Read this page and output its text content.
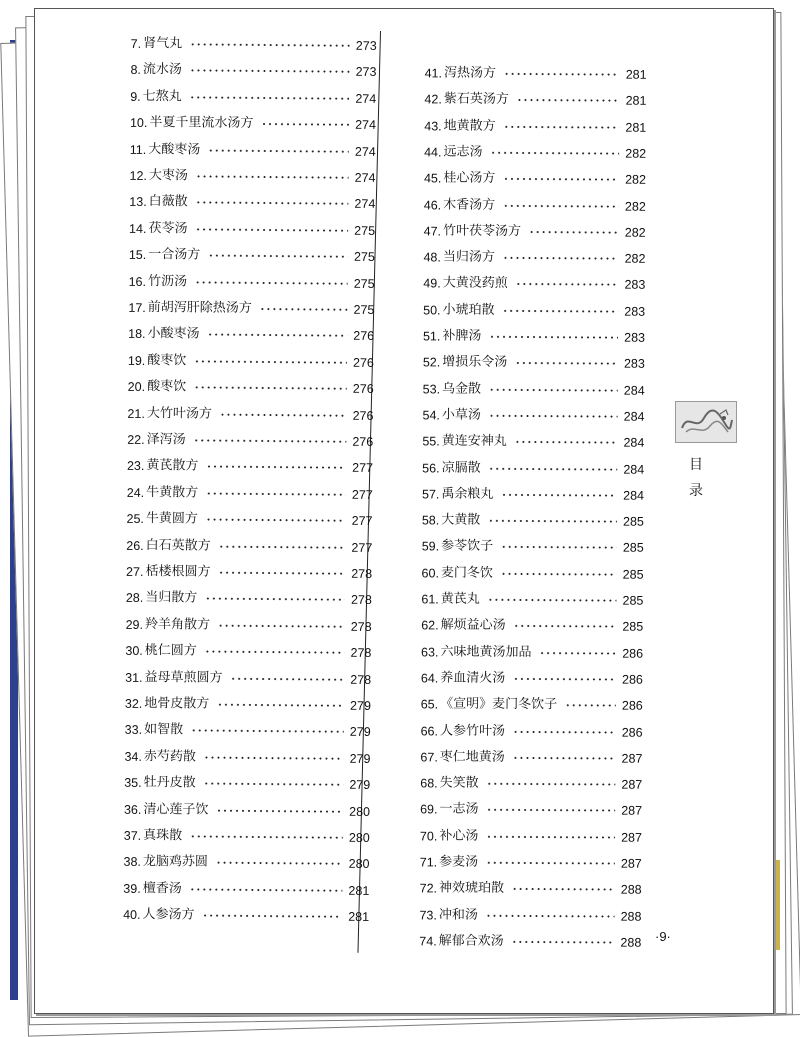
7. 肾气丸	273
8. 流水汤	273
9. 七熬丸	274
10. 半夏千里流水汤方	274
11. 大酸枣汤	274
12. 大枣汤	274
13. 白薇散	274
14. 茯苓汤	275
15. 一合汤方	275
16. 竹沥汤	275
17. 前胡泻肝除热汤方	275
18. 小酸枣汤	276
19. 酸枣饮	276
20. 酸枣饮	276
21. 大竹叶汤方	276
22. 泽泻汤	276
23. 黄芪散方	277
24. 牛黄散方	277
25. 牛黄圆方	277
26. 白石英散方	277
27. 栝楼根圆方	278
28. 当归散方	278
29. 羚羊角散方	278
30. 桃仁圆方	278
31. 益母草煎圆方	278
32. 地骨皮散方	279
33. 如智散	279
34. 赤芍药散	279
35. 牡丹皮散	279
36. 清心莲子饮	280
37. 真珠散	280
38. 龙脑鸡苏圆	280
39. 檀香汤	281
40. 人参汤方	281
41. 泻热汤方	281
42. 紫石英汤方	281
43. 地黄散方	281
44. 远志汤	282
45. 桂心汤方	282
46. 木香汤方	282
47. 竹叶茯苓汤方	282
48. 当归汤方	282
49. 大黄没药煎	283
50. 小琥珀散	283
51. 补脾汤	283
52. 增损乐令汤	283
53. 乌金散	284
54. 小草汤	284
55. 黄连安神丸	284
56. 凉膈散	284
57. 禹余粮丸	284
58. 大黄散	285
59. 参苓饮子	285
60. 麦门冬饮	285
61. 黄芪丸	285
62. 解烦益心汤	285
63. 六味地黄汤加品	286
64. 养血清火汤	286
65. 《宣明》麦门冬饮子	286
66. 人参竹叶汤	286
67. 枣仁地黄汤	287
68. 失笑散	287
69. 一志汤	287
70. 补心汤	287
71. 参麦汤	287
72. 神效琥珀散	288
73. 冲和汤	288
74. 解郁合欢汤	288
目
录
·9·
